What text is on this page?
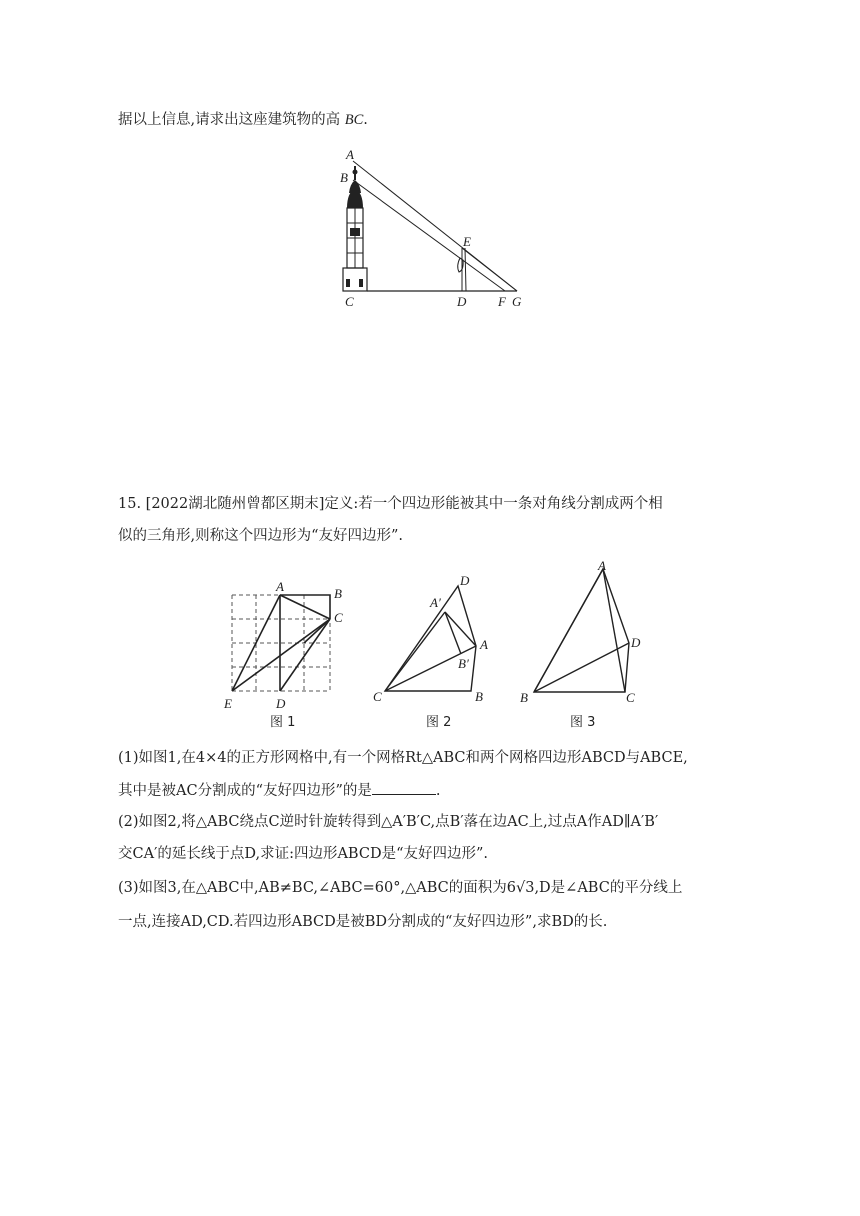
据以上信息,请求出这座建筑物的高 BC.
A
B
E
C	D F G
15. [2022湖北随州曾都区期末]定义:若一个四边形能被其中一条对角线分割成两个相
似的三角形,则称这个四边形为“友好四边形”.
A	B
C
E	D
图 1
D
A′
A
B′
C	B
图 2
A
D
B	C
图 3
(1)如图1,在4×4的正方形网格中,有一个网格Rt△ABC和两个网格四边形ABCD与ABCE,
其中是被AC分割成的“友好四边形”的是	.
(2)如图2,将△ABC绕点C逆时针旋转得到△A′B′C,点B′落在边AC上,过点A作AD∥A′B′
交CA′的延长线于点D,求证:四边形ABCD是“友好四边形”.
(3)如图3,在△ABC中,AB≠BC,∠ABC=60°,△ABC的面积为6√3,D是∠ABC的平分线上
一点,连接AD,CD.若四边形ABCD是被BD分割成的“友好四边形”,求BD的长.
